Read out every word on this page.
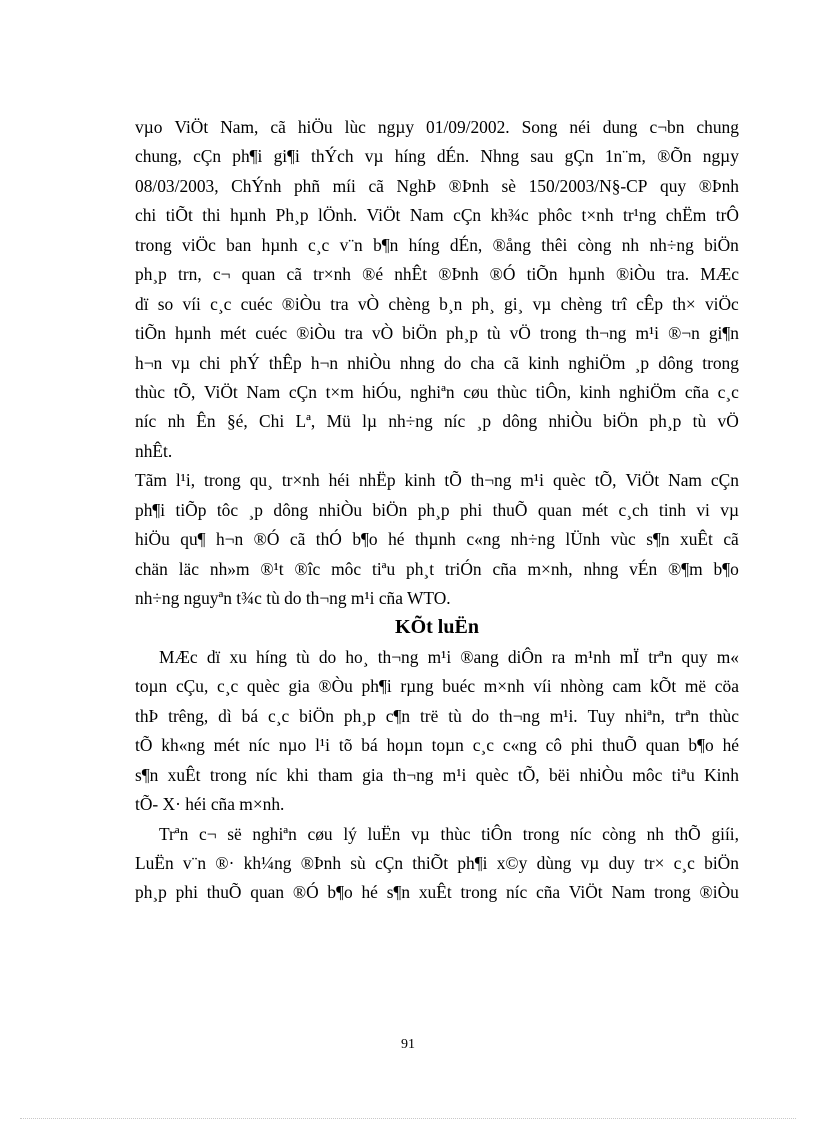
vµo ViÖt Nam, cã hiÖu lùc ngµy 01/09/2002. Song néi dung c¬bn chung
chung, cÇn ph¶i gi¶i thÝch vµ híng dÉn. Nhng sau gÇn 1n¨m, ®Õn ngµy
08/03/2003, ChÝnh phñ míi cã NghÞ ®Þnh sè 150/2003/N§-CP quy ®Þnh
chi tiÕt thi hµnh Ph¸p lÖnh. ViÖt Nam cÇn kh¾c phôc t×nh tr¹ng chËm trÔ
trong viÖc ban hµnh c¸c v¨n b¶n híng dÉn, ®ång thêi còng nh nh÷ng biÖn
ph¸p trn, c¬ quan cã tr×nh ®é nhÊt ®Þnh ®Ó tiÕn hµnh ®iÒu tra. MÆc
dï so víi c¸c cuéc ®iÒu tra vÒ chèng b¸n ph¸ gi¸ vµ chèng trî cÊp th× viÖc
tiÕn hµnh mét cuéc ®iÒu tra vÒ biÖn ph¸p tù vÖ trong th¬ng m¹i ®¬n gi¶n
h¬n vµ chi phÝ thÊp h¬n nhiÒu nhng do cha cã kinh nghiÖm ¸p dông trong
thùc tÕ, ViÖt Nam cÇn t×m hiÓu, nghiªn cøu thùc tiÔn, kinh nghiÖm cña c¸c
níc nh Ên §é, Chi Lª, Mü lµ nh÷ng níc ¸p dông nhiÒu biÖn ph¸p tù vÖ
nhÊt.
Tãm l¹i, trong qu¸ tr×nh héi nhËp kinh tÕ th¬ng m¹i quèc tÕ, ViÖt Nam cÇn
ph¶i tiÕp tôc ¸p dông nhiÒu biÖn ph¸p phi thuÕ quan mét c¸ch tinh vi vµ
hiÖu qu¶ h¬n ®Ó cã thÓ b¶o hé thµnh c«ng nh÷ng lÜnh vùc s¶n xuÊt cã
chän läc nh»m ®¹t ®îc môc tiªu ph¸t triÓn cña m×nh, nhng vÉn ®¶m b¶o
nh÷ng nguyªn t¾c tù do th¬ng m¹i cña WTO.
KÕt luËn
MÆc dï xu híng tù do ho¸ th¬ng m¹i ®ang diÔn ra m¹nh mÏ trªn quy m«
toµn cÇu, c¸c quèc gia ®Òu ph¶i rµng buéc m×nh víi nhòng cam kÕt më cöa
thÞ trêng, dì bá c¸c biÖn ph¸p c¶n trë tù do th¬ng m¹i. Tuy nhiªn, trªn thùc
tÕ kh«ng mét níc nµo l¹i tõ bá hoµn toµn c¸c c«ng cô phi thuÕ quan b¶o hé
s¶n xuÊt trong níc khi tham gia th¬ng m¹i quèc tÕ, bëi nhiÒu môc tiªu Kinh
tÕ- X· héi cña m×nh.
Trªn c¬ së nghiªn cøu lý luËn vµ thùc tiÔn trong níc còng nh thÕ giíi,
LuËn v¨n ®· kh¼ng ®Þnh sù cÇn thiÕt ph¶i x©y dùng vµ duy tr× c¸c biÖn
ph¸p phi thuÕ quan ®Ó b¶o hé s¶n xuÊt trong níc cña ViÖt Nam trong ®iÒu
91
